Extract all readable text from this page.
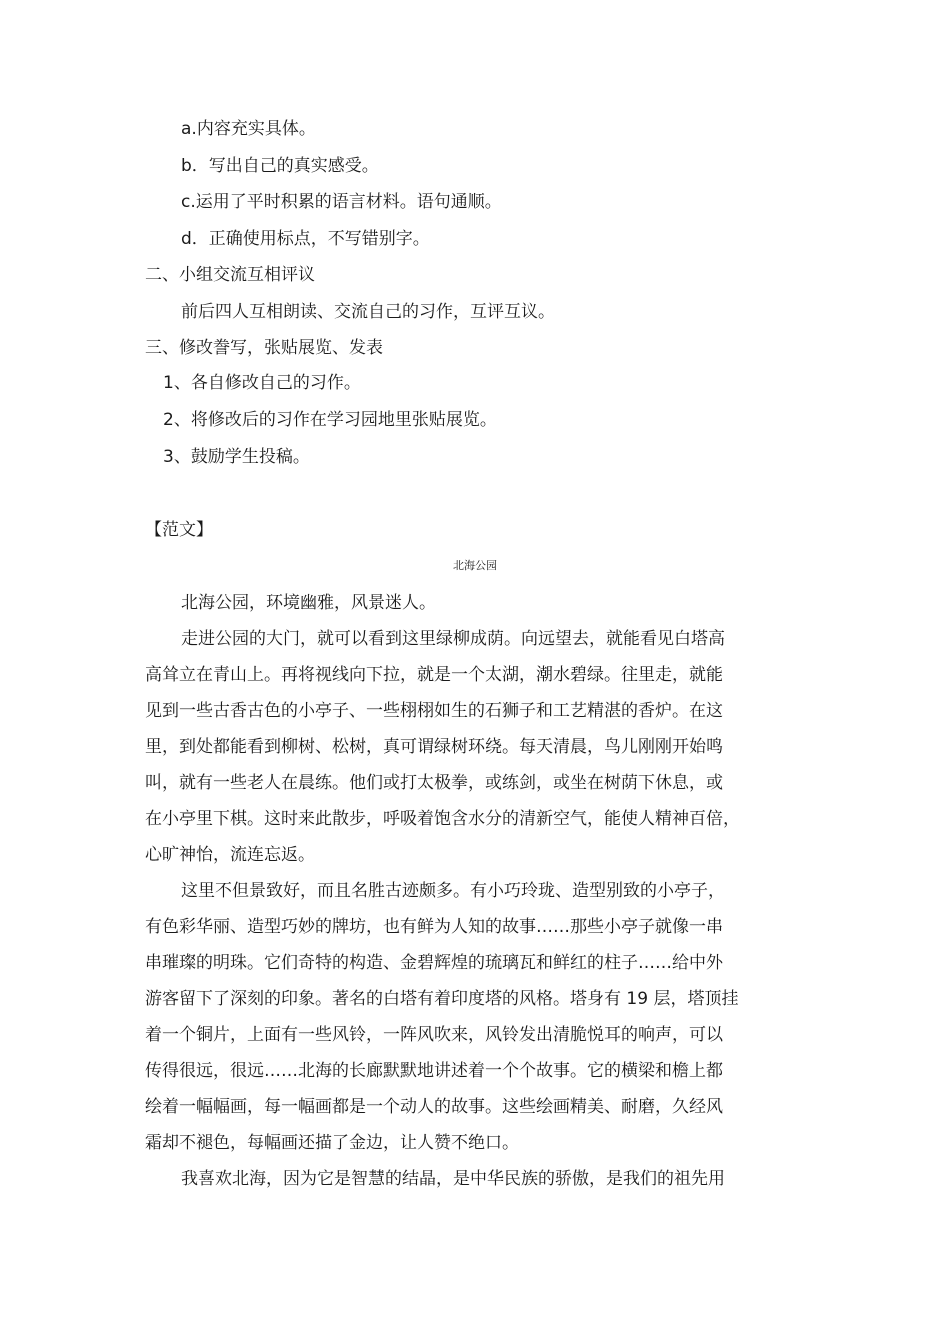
a.内容充实具体。
b．写出自己的真实感受。
c.运用了平时积累的语言材料。语句通顺。
d．正确使用标点，不写错别字。
二、小组交流互相评议
前后四人互相朗读、交流自己的习作，互评互议。
三、修改誊写，张贴展览、发表
1、各自修改自己的习作。
2、将修改后的习作在学习园地里张贴展览。
3、鼓励学生投稿。
【范文】
北海公园
北海公园，环境幽雅，风景迷人。
走进公园的大门，就可以看到这里绿柳成荫。向远望去，就能看见白塔高
高耸立在青山上。再将视线向下拉，就是一个太湖，潮水碧绿。往里走，就能
见到一些古香古色的小亭子、一些栩栩如生的石狮子和工艺精湛的香炉。在这
里，到处都能看到柳树、松树，真可谓绿树环绕。每天清晨，鸟儿刚刚开始鸣
叫，就有一些老人在晨练。他们或打太极拳，或练剑，或坐在树荫下休息，或
在小亭里下棋。这时来此散步，呼吸着饱含水分的清新空气，能使人精神百倍，
心旷神怡，流连忘返。
这里不但景致好，而且名胜古迹颇多。有小巧玲珑、造型别致的小亭子，
有色彩华丽、造型巧妙的牌坊，也有鲜为人知的故事……那些小亭子就像一串
串璀璨的明珠。它们奇特的构造、金碧辉煌的琉璃瓦和鲜红的柱子……给中外
游客留下了深刻的印象。著名的白塔有着印度塔的风格。塔身有 19 层，塔顶挂
着一个铜片，上面有一些风铃，一阵风吹来，风铃发出清脆悦耳的响声，可以
传得很远，很远……北海的长廊默默地讲述着一个个故事。它的横梁和檐上都
绘着一幅幅画，每一幅画都是一个动人的故事。这些绘画精美、耐磨，久经风
霜却不褪色，每幅画还描了金边，让人赞不绝口。
我喜欢北海，因为它是智慧的结晶，是中华民族的骄傲，是我们的祖先用
